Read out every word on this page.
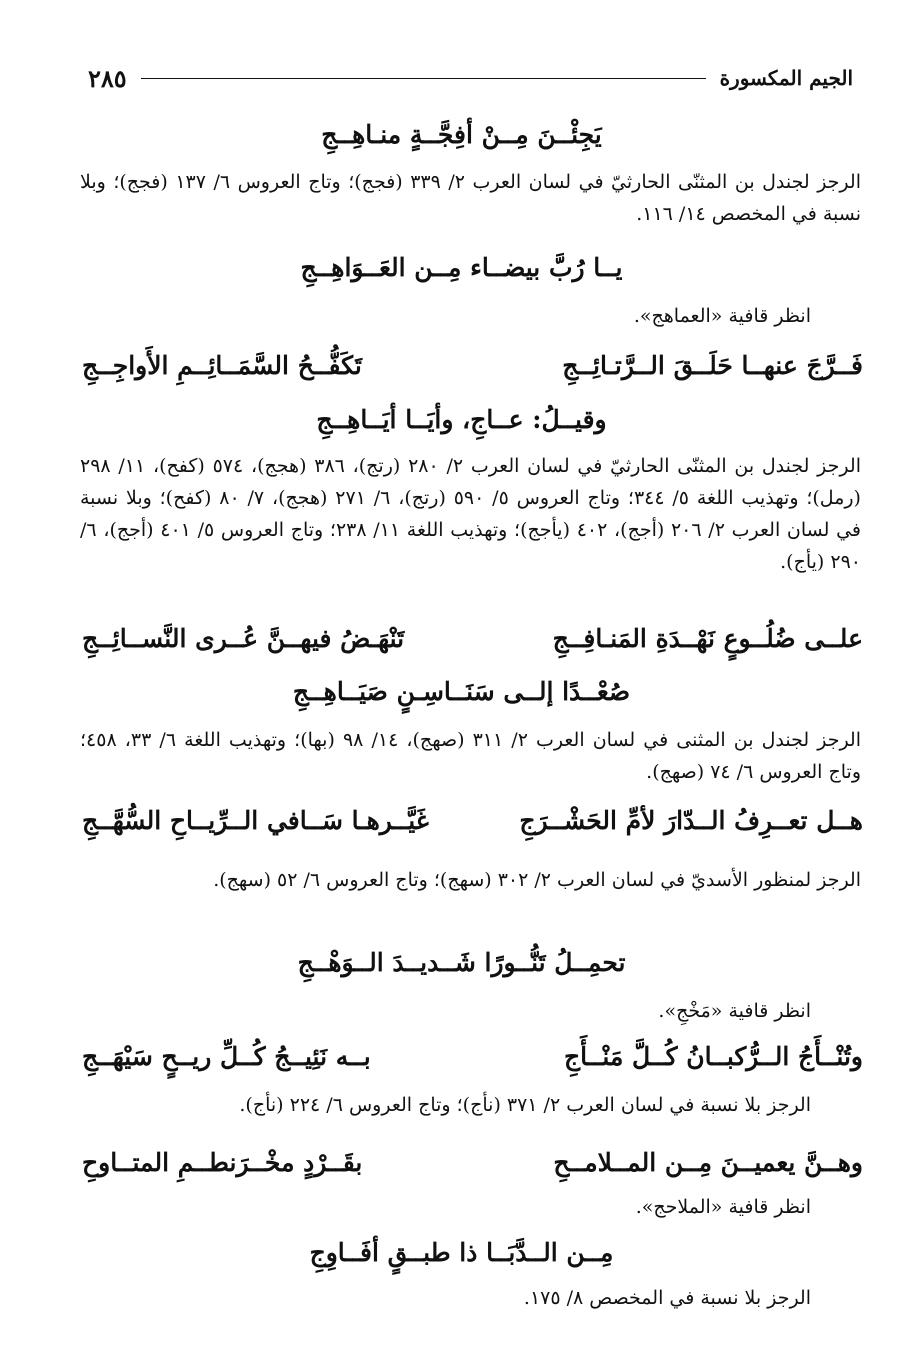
الجيم المكسورة
٢٨٥
يَجِئْــنَ مِــنْ أفِجَّــةٍ منـاهِــجِ
الرجز لجندل بن المثنّى الحارثيّ في لسان العرب ٢/ ٣٣٩ (فجج)؛ وتاج العروس ٦/ ١٣٧ (فجج)؛ وبلا نسبة في المخصص ١٤/ ١١٦.
يــا رُبَّ بيضــاء مِــن العَــوَاهِــجِ
انظر قافية «العماهج».
فَــرَّجَ عنهــا حَلَــقَ الــرَّتـائِــجِ
تَكَفُّــحُ السَّمَــائِــمِ الأَواجِــجِ
وقيــلُ: عــاجِ، وأيَــا أيَــاهِــجِ
الرجز لجندل بن المثنّى الحارثيّ في لسان العرب ٢/ ٢٨٠ (رتج)، ٣٨٦ (هجج)، ٥٧٤ (كفح)، ١١/ ٢٩٨ (رمل)؛ وتهذيب اللغة ٥/ ٣٤٤؛ وتاج العروس ٥/ ٥٩٠ (رتج)، ٦/ ٢٧١ (هجج)، ٧/ ٨٠ (كفح)؛ وبلا نسبة في لسان العرب ٢/ ٢٠٦ (أجج)، ٤٠٢ (يأجج)؛ وتهذيب اللغة ١١/ ٢٣٨؛ وتاج العروس ٥/ ٤٠١ (أجج)، ٦/ ٢٩٠ (يأج).
علــى ضُلُــوعٍ نَهْــدَةِ المَنـافِــجِ
تَنْهَـضُ فيهــنَّ عُــرى النَّســائِــجِ
صُعْــدًا إلــى سَنَــاسِـنٍ صَيَــاهِــجِ
الرجز لجندل بن المثنى في لسان العرب ٢/ ٣١١ (صهج)، ١٤/ ٩٨ (بها)؛ وتهذيب اللغة ٦/ ٣٣، ٤٥٨؛ وتاج العروس ٦/ ٧٤ (صهج).
هــل تعــرِفُ الــدّارَ لأمِّ الحَشْــرَجِ
غَيَّــرهـا سَــافي الــرِّيــاحِ السُّهَّــجِ
الرجز لمنظور الأسديّ في لسان العرب ٢/ ٣٠٢ (سهج)؛ وتاج العروس ٦/ ٥٢ (سهج).
تحمِــلُ تَنُّــورًا شَــديــدَ الــوَهْــجِ
انظر قافية «مَخْجِ».
وتُنْــأَجُ الــرُّكبــانُ كُــلَّ مَنْــأَجِ
بــه نَئِيــجُ كُــلِّ ريــحٍ سَيْهَــجِ
الرجز بلا نسبة في لسان العرب ٢/ ٣٧١ (نأج)؛ وتاج العروس ٦/ ٢٢٤ (نأج).
وهــنَّ يعميــنَ مِــن المــلامــحِ
بقَــرْدٍ مخْــرَنطــمِ المتــاوحِ
انظر قافية «الملاحج».
مِــن الــدَّبَــا ذا طبــقٍ أفَــاوِجِ
الرجز بلا نسبة في المخصص ٨/ ١٧٥.
